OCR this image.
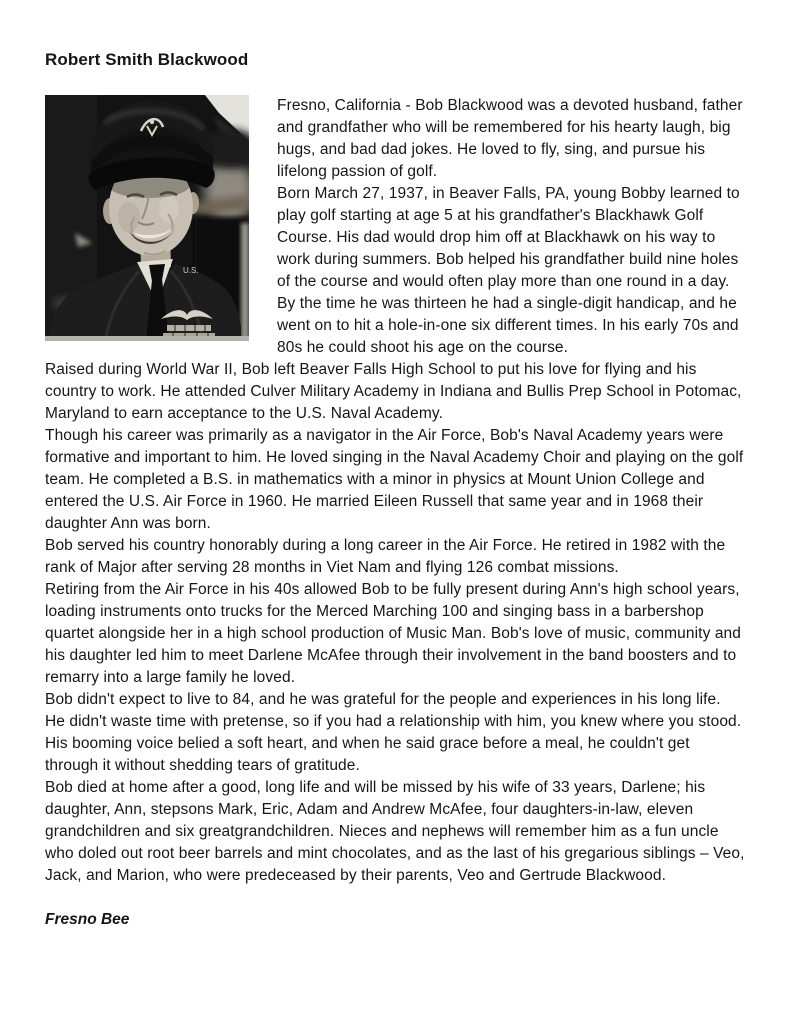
Robert Smith Blackwood
U.S.

Fresno, California - Bob Blackwood was a devoted husband, father and grandfather who will be remembered for his hearty laugh, big hugs, and bad dad jokes. He loved to fly, sing, and pursue his lifelong passion of golf.

Born March 27, 1937, in Beaver Falls, PA, young Bobby learned to play golf starting at age 5 at his grandfather's Blackhawk Golf Course. His dad would drop him off at Blackhawk on his way to work during summers. Bob helped his grandfather build nine holes of the course and would often play more than one round in a day. By the time he was thirteen he had a single-digit handicap, and he went on to hit a hole-in-one six different times. In his early 70s and 80s he could shoot his age on the course.

Raised during World War II, Bob left Beaver Falls High School to put his love for flying and his country to work. He attended Culver Military Academy in Indiana and Bullis Prep School in Potomac, Maryland to earn acceptance to the U.S. Naval Academy.

Though his career was primarily as a navigator in the Air Force, Bob's Naval Academy years were formative and important to him. He loved singing in the Naval Academy Choir and playing on the golf team. He completed a B.S. in mathematics with a minor in physics at Mount Union College and entered the U.S. Air Force in 1960. He married Eileen Russell that same year and in 1968 their daughter Ann was born.

Bob served his country honorably during a long career in the Air Force. He retired in 1982 with the rank of Major after serving 28 months in Viet Nam and flying 126 combat missions.

Retiring from the Air Force in his 40s allowed Bob to be fully present during Ann's high school years, loading instruments onto trucks for the Merced Marching 100 and singing bass in a barbershop quartet alongside her in a high school production of Music Man. Bob's love of music, community and his daughter led him to meet Darlene McAfee through their involvement in the band boosters and to remarry into a large family he loved.

Bob didn't expect to live to 84, and he was grateful for the people and experiences in his long life. He didn't waste time with pretense, so if you had a relationship with him, you knew where you stood. His booming voice belied a soft heart, and when he said grace before a meal, he couldn't get through it without shedding tears of gratitude.

Bob died at home after a good, long life and will be missed by his wife of 33 years, Darlene; his daughter, Ann, stepsons Mark, Eric, Adam and Andrew McAfee, four daughters-in-law, eleven grandchildren and six greatgrandchildren. Nieces and nephews will remember him as a fun uncle who doled out root beer barrels and mint chocolates, and as the last of his gregarious siblings – Veo, Jack, and Marion, who were predeceased by their parents, Veo and Gertrude Blackwood.

Fresno Bee
